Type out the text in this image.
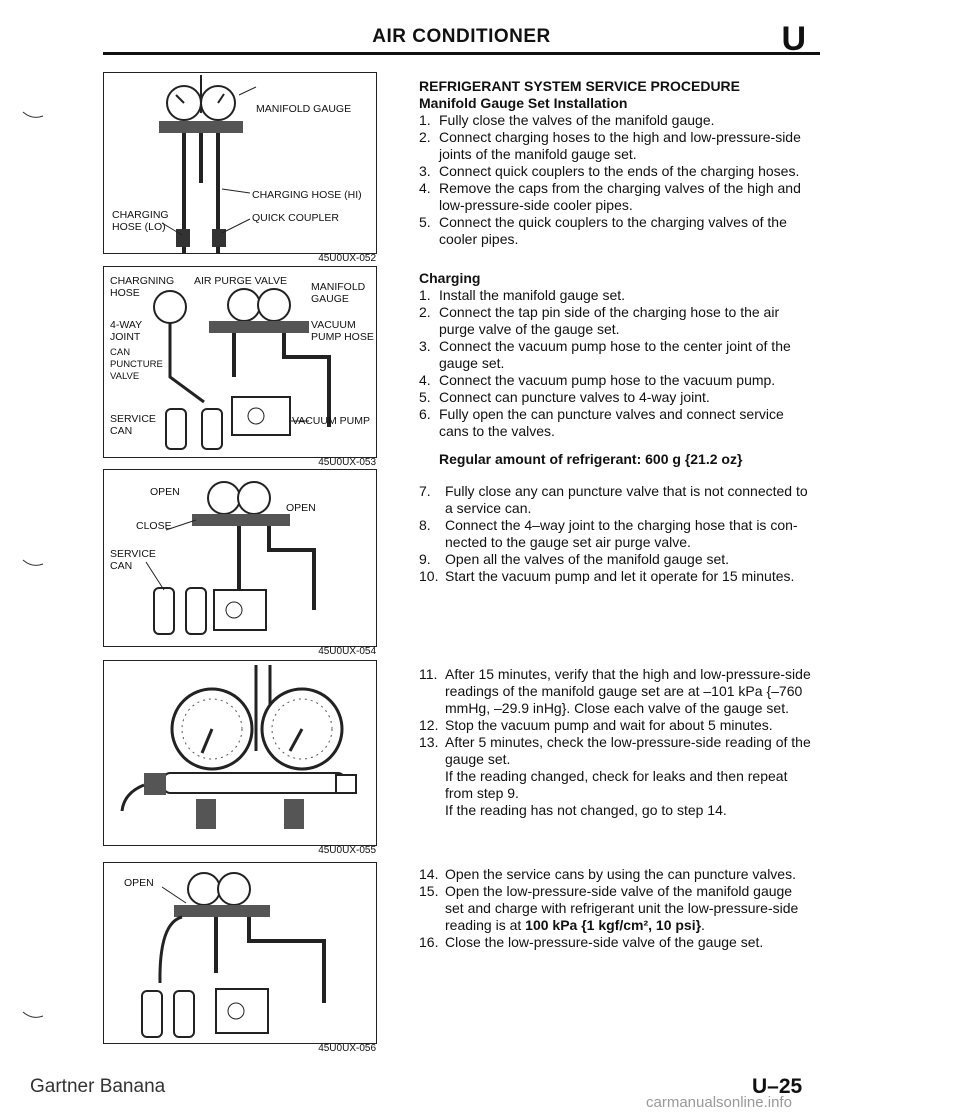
AIR CONDITIONER	U
MANIFOLD GAUGE
CHARGING HOSE (HI)
QUICK COUPLER
CHARGING
HOSE (LO)
45U0UX-052
CHARGNING
HOSE
AIR PURGE VALVE MANIFOLD
GAUGE
4-WAY
JOINT
VACUUM
PUMP HOSE
CAN
PUNCTURE
VALVE
SERVICE
CAN
VACUUM PUMP
45U0UX-053
OPEN
OPEN
CLOSE
SERVICE
CAN
45U0UX-054
45U0UX-055
OPEN
45U0UX-056
REFRIGERANT SYSTEM SERVICE PROCEDURE
Manifold Gauge Set Installation
1. Fully close the valves of the manifold gauge.

2. Connect charging hoses to the high and low-pressure-side joints of the manifold gauge set.

3. Connect quick couplers to the ends of the charging hoses.

4. Remove the caps from the charging valves of the high and low-pressure-side cooler pipes.

5. Connect the quick couplers to the charging valves of the cooler pipes.

Charging
1. Install the manifold gauge set.

2. Connect the tap pin side of the charging hose to the air purge valve of the gauge set.

3. Connect the vacuum pump hose to the center joint of the gauge set.

4. Connect the vacuum pump hose to the vacuum pump.

5. Connect can puncture valves to 4-way joint.

6. Fully open the can puncture valves and connect service cans to the valves.

Regular amount of refrigerant: 600 g {21.2 oz}
7. Fully close any can puncture valve that is not connected to a service can.

8. Connect the 4–way joint to the charging hose that is con-nected to the gauge set air purge valve.

9. Open all the valves of the manifold gauge set.

10. Start the vacuum pump and let it operate for 15 minutes.

11. After 15 minutes, verify that the high and low-pressure-side readings of the manifold gauge set are at –101 kPa {–760 mmHg, –29.9 inHg}. Close each valve of the gauge set.

12. Stop the vacuum pump and wait for about 5 minutes.

13. After 5 minutes, check the low-pressure-side reading of the gauge set.

If the reading changed, check for leaks and then repeat from step 9.

If the reading has not changed, go to step 14.

14. Open the service cans by using the can puncture valves.

15. Open the low-pressure-side valve of the manifold gauge set and charge with refrigerant unit the low-pressure-side reading is at 100 kPa {1 kgf/cm², 10 psi}.

16. Close the low-pressure-side valve of the gauge set.

Gartner Banana	U–25
carmanualsonline.info
